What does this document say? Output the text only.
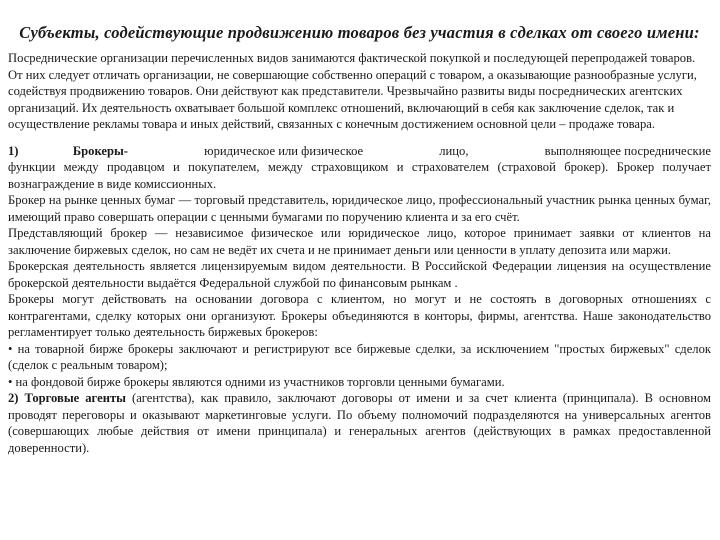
Субъекты, содействующие продвижению товаров без участия в сделках от своего имени:

Посреднические организации перечисленных видов занимаются фактической покупкой и последующей перепродажей товаров. От них следует отличать организации, не совершающие собственно операций с товаром, а оказывающие разнообразные услуги, содействуя продвижению товаров. Они действуют как представители. Чрезвычайно развиты виды посреднических агентских организаций. Их деятельность охватывает большой комплекс отношений, включающий в себя как заключение сделок, так и осуществление рекламы товара и иных действий, связанных с конечным достижением основной цели – продаже товара.

1)	Брокеры-	юридическое или физическое	лицо,	выполняющее посреднические

функции между продавцом и покупателем, между страховщиком и страхователем (страховой брокер). Брокер получает вознаграждение в виде комиссионных.

Брокер на рынке ценных бумаг — торговый представитель, юридическое лицо, профессиональный участник рынка ценных бумаг, имеющий право совершать операции с ценными бумагами по поручению клиента и за его счёт.

Представляющий брокер — независимое физическое или юридическое лицо, которое принимает заявки от клиентов на заключение биржевых сделок, но сам не ведёт их счета и не принимает деньги или ценности в уплату депозита или маржи.

Брокерская деятельность является лицензируемым видом деятельности. В Российской Федерации лицензия на осуществление брокерской деятельности выдаётся Федеральной службой по финансовым рынкам .

Брокеры могут действовать на основании договора с клиентом, но могут и не состоять в договорных отношениях с контрагентами, сделку которых они организуют. Брокеры объединяются в конторы, фирмы, агентства. Наше законодательство регламентирует только деятельность биржевых брокеров:

• на товарной бирже брокеры заключают и регистрируют все биржевые сделки, за исключением "простых биржевых" сделок (сделок с реальным товаром);

• на фондовой бирже брокеры являются одними из участников торговли ценными бумагами.

2) Торговые агенты (агентства), как правило, заключают договоры от имени и за счет клиента (принципала). В основном проводят переговоры и оказывают маркетинговые услуги. По объему полномочий подразделяются на универсальных агентов (совершающих любые действия от имени принципала) и генеральных агентов (действующих в рамках предоставленной доверенности).
